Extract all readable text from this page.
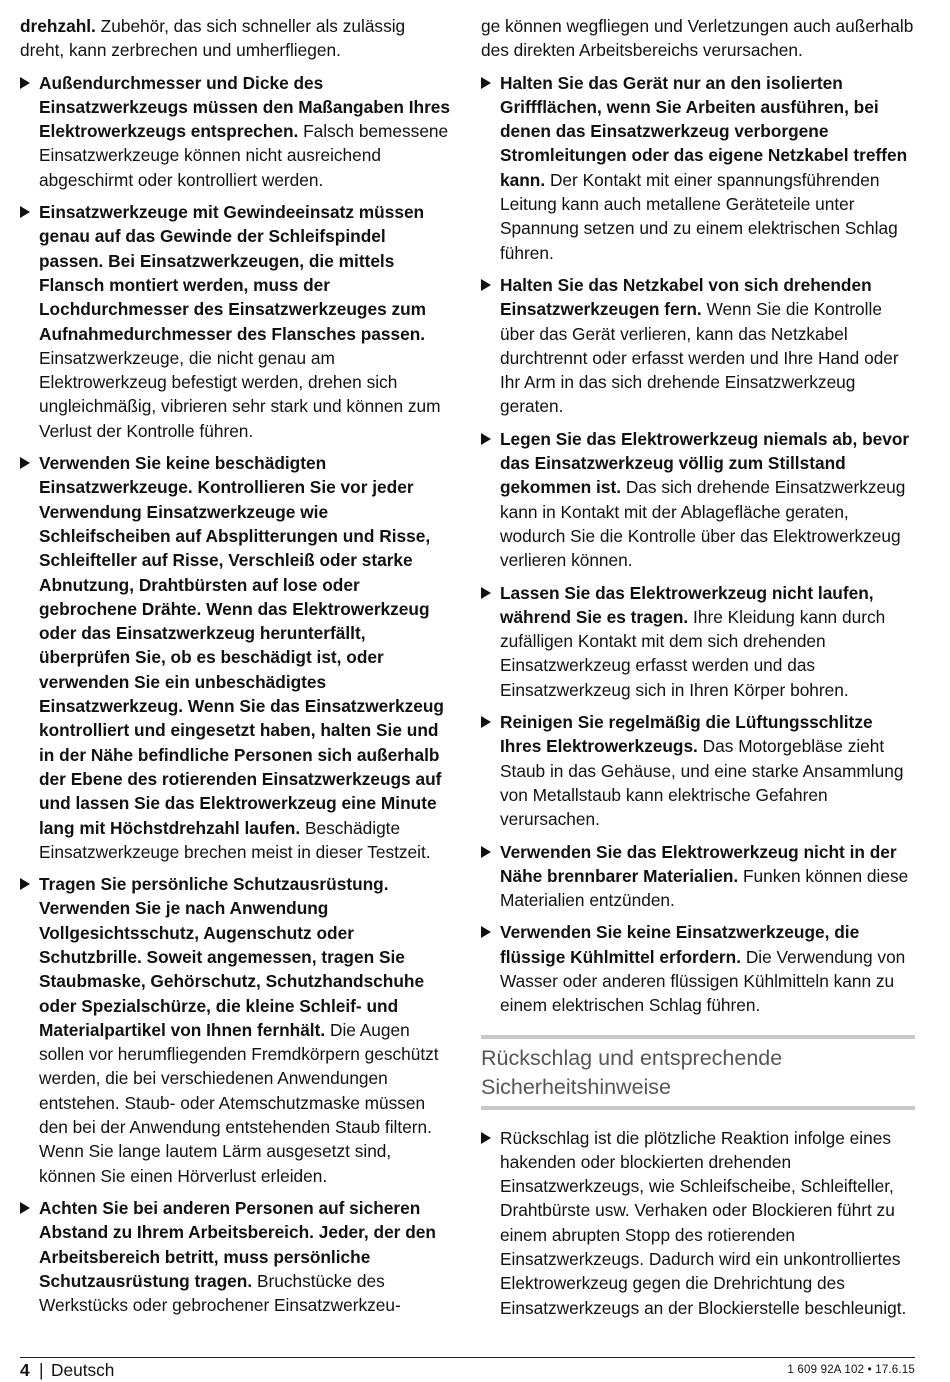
drehzahl. Zubehör, das sich schneller als zulässig dreht, kann zerbrechen und umherfliegen.

Außendurchmesser und Dicke des Einsatzwerkzeugs müssen den Maßangaben Ihres Elektrowerkzeugs entsprechen. Falsch bemessene Einsatzwerkzeuge können nicht ausreichend abgeschirmt oder kontrolliert werden.

Einsatzwerkzeuge mit Gewindeeinsatz müssen genau auf das Gewinde der Schleifspindel passen. Bei Einsatzwerkzeugen, die mittels Flansch montiert werden, muss der Lochdurchmesser des Einsatzwerkzeuges zum Aufnahmedurchmesser des Flansches passen. Einsatzwerkzeuge, die nicht genau am Elektrowerkzeug befestigt werden, drehen sich ungleichmäßig, vibrieren sehr stark und können zum Verlust der Kontrolle führen.

Verwenden Sie keine beschädigten Einsatzwerkzeuge. Kontrollieren Sie vor jeder Verwendung Einsatzwerkzeuge wie Schleifscheiben auf Absplitterungen und Risse, Schleifteller auf Risse, Verschleiß oder starke Abnutzung, Drahtbürsten auf lose oder gebrochene Drähte. Wenn das Elektrowerkzeug oder das Einsatzwerkzeug herunterfällt, überprüfen Sie, ob es beschädigt ist, oder verwenden Sie ein unbeschädigtes Einsatzwerkzeug. Wenn Sie das Einsatzwerkzeug kontrolliert und eingesetzt haben, halten Sie und in der Nähe befindliche Personen sich außerhalb der Ebene des rotierenden Einsatzwerkzeugs auf und lassen Sie das Elektrowerkzeug eine Minute lang mit Höchstdrehzahl laufen. Beschädigte Einsatzwerkzeuge brechen meist in dieser Testzeit.

Tragen Sie persönliche Schutzausrüstung. Verwenden Sie je nach Anwendung Vollgesichtsschutz, Augenschutz oder Schutzbrille. Soweit angemessen, tragen Sie Staubmaske, Gehörschutz, Schutzhandschuhe oder Spezialschürze, die kleine Schleif- und Materialpartikel von Ihnen fernhält. Die Augen sollen vor herumfliegenden Fremdkörpern geschützt werden, die bei verschiedenen Anwendungen entstehen. Staub- oder Atemschutzmaske müssen den bei der Anwendung entstehenden Staub filtern. Wenn Sie lange lautem Lärm ausgesetzt sind, können Sie einen Hörverlust erleiden.

Achten Sie bei anderen Personen auf sicheren Abstand zu Ihrem Arbeitsbereich. Jeder, der den Arbeitsbereich betritt, muss persönliche Schutzausrüstung tragen. Bruchstücke des Werkstücks oder gebrochener Einsatzwerkzeu-

ge können wegfliegen und Verletzungen auch außerhalb des direkten Arbeitsbereichs verursachen.

Halten Sie das Gerät nur an den isolierten Griffflächen, wenn Sie Arbeiten ausführen, bei denen das Einsatzwerkzeug verborgene Stromleitungen oder das eigene Netzkabel treffen kann. Der Kontakt mit einer spannungsführenden Leitung kann auch metallene Geräteteile unter Spannung setzen und zu einem elektrischen Schlag führen.

Halten Sie das Netzkabel von sich drehenden Einsatzwerkzeugen fern. Wenn Sie die Kontrolle über das Gerät verlieren, kann das Netzkabel durchtrennt oder erfasst werden und Ihre Hand oder Ihr Arm in das sich drehende Einsatzwerkzeug geraten.

Legen Sie das Elektrowerkzeug niemals ab, bevor das Einsatzwerkzeug völlig zum Stillstand gekommen ist. Das sich drehende Einsatzwerkzeug kann in Kontakt mit der Ablagefläche geraten, wodurch Sie die Kontrolle über das Elektrowerkzeug verlieren können.

Lassen Sie das Elektrowerkzeug nicht laufen, während Sie es tragen. Ihre Kleidung kann durch zufälligen Kontakt mit dem sich drehenden Einsatzwerkzeug erfasst werden und das Einsatzwerkzeug sich in Ihren Körper bohren.

Reinigen Sie regelmäßig die Lüftungsschlitze Ihres Elektrowerkzeugs. Das Motorgebläse zieht Staub in das Gehäuse, und eine starke Ansammlung von Metallstaub kann elektrische Gefahren verursachen.

Verwenden Sie das Elektrowerkzeug nicht in der Nähe brennbarer Materialien. Funken können diese Materialien entzünden.

Verwenden Sie keine Einsatzwerkzeuge, die flüssige Kühlmittel erfordern. Die Verwendung von Wasser oder anderen flüssigen Kühlmitteln kann zu einem elektrischen Schlag führen.

Rückschlag und entsprechende
Sicherheitshinweise

Rückschlag ist die plötzliche Reaktion infolge eines hakenden oder blockierten drehenden Einsatzwerkzeugs, wie Schleifscheibe, Schleifteller, Drahtbürste usw. Verhaken oder Blockieren führt zu einem abrupten Stopp des rotierenden Einsatzwerkzeugs. Dadurch wird ein unkontrolliertes Elektrowerkzeug gegen die Drehrichtung des Einsatzwerkzeugs an der Blockierstelle beschleunigt.

4 | Deutsch	1 609 92A 102 • 17.6.15
